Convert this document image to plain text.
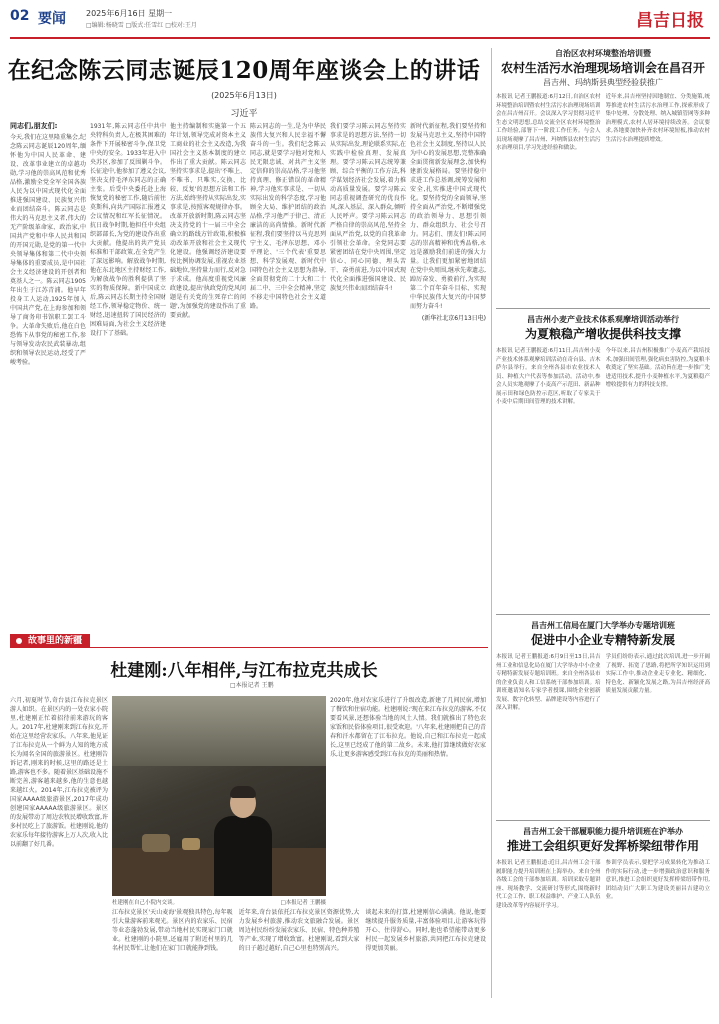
02 要闻	2025年6月16日 星期一
□编辑:杨晓雪 □版式:任雪红 □校对:王月	昌吉日报
在纪念陈云同志诞辰120周年座谈会上的讲话
(2025年6月13日)
习近平
同志们,朋友们:

今天,我们在这里隆重集会,纪念陈云同志诞辰120周年,缅怀他为中国人民革命、建设、改革事业建立的卓越功勋,学习他的崇高风范和优秀品格,激励全党全军全国各族人民为以中国式现代化全面推进强国建设、民族复兴伟业而团结奋斗。陈云同志是伟大的马克思主义者,伟大的无产阶级革命家、政治家,中国共产党和中华人民共和国的开国元勋,是党的第一代中央领导集体和第二代中央领导集体的重要成员,是中国社会主义经济建设的开创者和奠基人之一。陈云同志1905年出生于江苏青浦。他早年投身工人运动,1925年加入中国共产党,在上海参加和领导了商务印书馆职工罢工斗争。大革命失败后,他在白色恐怖下从事党的秘密工作,参与领导发动农民武装暴动,组织和领导农民运动,经受了严峻考验。

1931年,陈云同志任中共中央特科负责人,在极其困难的条件下开展秘密斗争,保卫党中央的安全。1933年进入中央苏区,参加了反围剿斗争。长征途中,他参加了遵义会议,坚决支持毛泽东同志的正确主张。后受中央委托赴上海恢复党的秘密工作,随后前往莫斯科,向共产国际汇报遵义会议情况和红军长征情况。抗日战争时期,他担任中央组织部部长,为党的建设作出重大贡献。他提出的共产党员标准和干部政策,在全党产生了深远影响。解放战争时期,他在东北地区主持财经工作,为解放战争的胜利提供了坚实的物质保障。新中国成立后,陈云同志长期主持全国财经工作,领导稳定物价、统一财经,迅速扭转了国民经济的困难局面,为社会主义经济建设打下了基础。

他主持编制和实施第一个五年计划,领导完成对资本主义工商业的社会主义改造,为我国社会主义基本制度的建立作出了重大贡献。陈云同志坚持实事求是,提出'不唯上、不唯书、只唯实,交换、比较、反复'的思想方法和工作方法,始终坚持从实际出发,实事求是,按照客观规律办事。改革开放新时期,陈云同志坚决支持党的十一届三中全会确立的路线方针政策,积极推动改革开放和社会主义现代化建设。他强调经济建设要按比例协调发展,重视农业基础地位,坚持量力而行,反对急于求成。他高度重视党风廉政建设,提出'执政党的党风问题是有关党的生死存亡的问题',为加强党的建设作出了重要贡献。

陈云同志的一生,是为中华民族伟大复兴和人民幸福不懈奋斗的一生。我们纪念陈云同志,就是要学习他对党和人民无限忠诚、对共产主义坚定信仰的崇高品格,学习他坚持真理、修正错误的革命精神,学习他实事求是、一切从实际出发的科学态度,学习他顾全大局、维护团结的政治品格,学习他严于律己、清正廉洁的高尚情操。新时代新征程,我们要坚持以马克思列宁主义、毛泽东思想、邓小平理论、'三个代表'重要思想、科学发展观、新时代中国特色社会主义思想为指导,全面贯彻党的二十大和二十届二中、三中全会精神,坚定不移走中国特色社会主义道路。

我们要学习陈云同志坚持实事求是的思想方法,坚持一切从实际出发,理论联系实际,在实践中检验真理、发展真理。要学习陈云同志统筹兼顾、综合平衡的工作方法,科学谋划经济社会发展,着力推动高质量发展。要学习陈云同志重视调查研究的优良作风,深入基层、深入群众,倾听人民呼声。要学习陈云同志严格自律的崇高风范,坚持全面从严治党,以党的自我革命引领社会革命。全党同志要紧密团结在党中央周围,坚定信心、同心同德、埋头苦干、奋勇前进,为以中国式现代化全面推进强国建设、民族复兴伟业而团结奋斗!

新时代新征程,我们要坚持和发展马克思主义,坚持中国特色社会主义制度,坚持以人民为中心的发展思想,完整准确全面贯彻新发展理念,加快构建新发展格局。要坚持稳中求进工作总基调,统筹发展和安全,扎实推进中国式现代化。要坚持党的全面领导,坚持全面从严治党,不断增强党的政治领导力、思想引领力、群众组织力、社会号召力。同志们、朋友们!陈云同志的崇高精神和优秀品格,永远是激励我们前进的强大力量。让我们更加紧密地团结在党中央周围,继承先辈遗志,踔厉奋发、勇毅前行,为实现第二个百年奋斗目标、实现中华民族伟大复兴的中国梦而努力奋斗!

(新华社北京6月13日电)
故事里的新疆
杜建刚:八年相伴,与江布拉克共成长
□本报记者 王鹏
六月,初夏时节,奇台县江布拉克景区游人如织。在景区内的一处农家小院里,杜建刚正忙着招待前来游玩的客人。2017年,杜建刚来到江布拉克,开始在这里经营农家乐。八年来,他见证了江布拉克从一个鲜为人知的地方成长为闻名全国的旅游景区。杜建刚告诉记者,刚来的时候,这里的路还是土路,游客也不多。随着景区基础设施不断完善,游客越来越多,他的生意也越来越红火。2014年,江布拉克被评为国家AAAA级旅游景区,2017年成功创建国家AAAAA级旅游景区。景区的发展带动了周边农牧民增收致富,许多村民吃上了旅游饭。杜建刚说,他的农家乐每年接待游客上万人次,收入比以前翻了好几番。
杜建刚在自己小院内交谈。	□本报记者 王鹏摄
2020年,他对农家乐进行了升级改造,新建了几间民宿,增加了餐饮和住宿功能。杜建刚说:'现在来江布拉克的游客,不仅要看风景,还想体验当地的风土人情。我们就推出了特色农家饭和民俗体验项目,很受欢迎。'八年来,杜建刚把自己的青春和汗水都留在了江布拉克。他说,自己和江布拉克一起成长,这里已经成了他的第二故乡。未来,他打算继续做好农家乐,让更多游客感受到江布拉克的美丽和热情。
江布拉克景区'天山麦海'景观独具特色,每年吸引大量游客前来观光。景区内的农家乐、民宿等业态蓬勃发展,带动当地村民实现家门口就业。杜建刚的小院里,还雇用了附近村里的几名村民帮忙,让他们在家门口就能挣到钱。
近年来,奇台县依托江布拉克景区资源优势,大力发展乡村旅游,推动农文旅融合发展。景区周边村民纷纷发展农家乐、民宿、特色种养殖等产业,实现了增收致富。杜建刚说,看到大家的日子越过越好,自己心里也特别高兴。
谈起未来的打算,杜建刚信心满满。他说,他要继续提升服务质量,丰富体验项目,让游客玩得开心、住得舒心。同时,他也希望能带动更多村民一起发展乡村旅游,共同把江布拉克建设得更加美丽。
自治区农村环境整治培训暨
农村生活污水治理现场培训会在昌召开
昌吉州、玛纳斯县典型经验获推广
本报讯 记者王鹏报道:6月12日,自治区农村环境整治培训暨农村生活污水治理现场培训会在昌吉州召开。会议深入学习贯彻习近平生态文明思想,总结交流全区农村环境整治工作经验,部署下一阶段工作任务。与会人员现场观摩了昌吉州、玛纳斯县农村生活污水治理项目,学习先进经验和做法。
近年来,昌吉州坚持因地制宜、分类施策,统筹推进农村生活污水治理工作,探索形成了集中处理、分散处理、纳入城镇管网等多种治理模式,农村人居环境持续改善。会议要求,各地要加快补齐农村环境短板,推动农村生活污水治理提质增效。
昌吉州小麦产业技术体系观摩培训活动举行
为夏粮稳产增收提供科技支撑
本报讯 记者王鹏报道:6月11日,昌吉州小麦产业技术体系观摩培训活动在奇台县、吉木萨尔县举行。来自全州各县市农业技术人员、种植大户代表等参加活动。活动中,参会人员实地观摩了小麦高产示范田、新品种展示田和绿色防控示范区,听取了专家关于小麦中后期田间管理的技术讲解。
今年以来,昌吉州积极推广小麦高产栽培技术,加强田间管理,强化病虫害防控,为夏粮丰收奠定了坚实基础。活动旨在进一步推广先进适用技术,提升小麦种植水平,为夏粮稳产增收提供有力的科技支撑。
昌吉州工信局在厦门大学举办专题培训班
促进中小企业专精特新发展
本报讯 记者王鹏报道:6月9日至13日,昌吉州工业和信息化局在厦门大学举办中小企业专精特新发展专题培训班。来自全州各县市的企业负责人和工信系统干部参加培训。培训班邀请知名专家学者授课,围绕企业创新发展、数字化转型、品牌建设等内容进行了深入讲解。
学员们纷纷表示,通过此次培训,进一步开阔了视野、拓宽了思路,将把所学知识运用到实际工作中,推动企业走专业化、精细化、特色化、新颖化发展之路,为昌吉州经济高质量发展贡献力量。
昌吉州工会干部履职能力提升培训班在沪举办
推进工会组织更好发挥桥梁纽带作用
本报讯 记者王鹏报道:近日,昌吉州工会干部履职能力提升培训班在上海举办。来自全州各级工会的干部参加培训。培训采取专题讲座、现场教学、交流研讨等形式,围绕新时代工会工作、职工权益维护、产业工人队伍建设改革等内容展开学习。
参训学员表示,要把学习成果转化为推动工作的实际行动,进一步增强政治意识和服务意识,推进工会组织更好发挥桥梁纽带作用,团结动员广大职工为建设美丽昌吉建功立业。
